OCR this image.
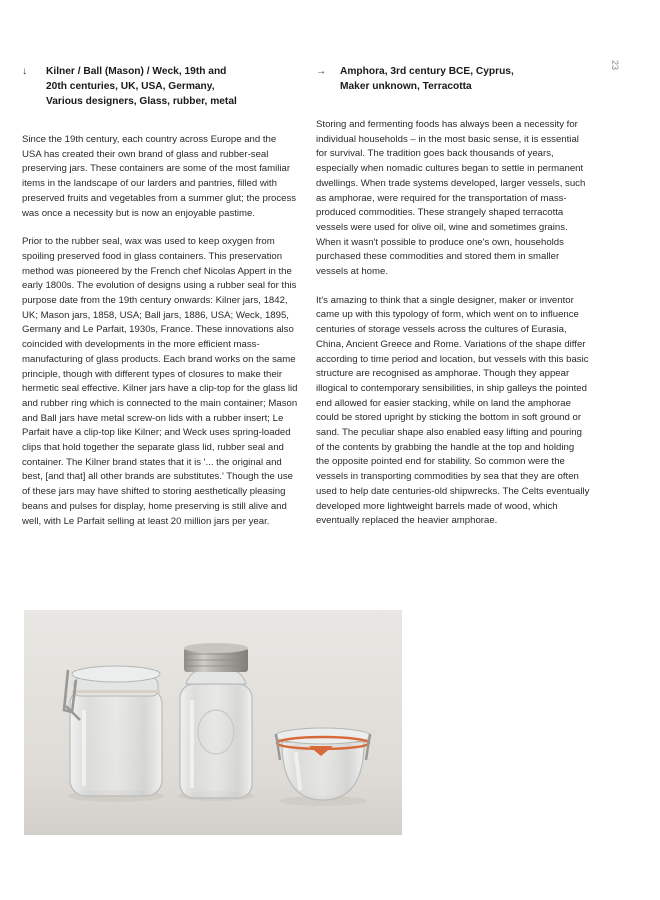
23
↓	Kilner / Ball (Mason) / Weck, 19th and
20th centuries, UK, USA, Germany,
Various designers, Glass, rubber, metal

Since the 19th century, each country across Europe and the USA has created their own brand of glass and rubber-seal preserving jars. These containers are some of the most familiar items in the landscape of our larders and pantries, filled with preserved fruits and vegetables from a summer glut; the process was once a necessity but is now an enjoyable pastime.

Prior to the rubber seal, wax was used to keep oxygen from spoiling preserved food in glass containers. This preservation method was pioneered by the French chef Nicolas Appert in the early 1800s. The evolution of designs using a rubber seal for this purpose date from the 19th century onwards: Kilner jars, 1842, UK; Mason jars, 1858, USA; Ball jars, 1886, USA; Weck, 1895, Germany and Le Parfait, 1930s, France. These innovations also coincided with developments in the more efficient mass-manufacturing of glass products. Each brand works on the same principle, though with different types of closures to make their hermetic seal effective. Kilner jars have a clip-top for the glass lid and rubber ring which is connected to the main container; Mason and Ball jars have metal screw-on lids with a rubber insert; Le Parfait have a clip-top like Kilner; and Weck uses spring-loaded clips that hold together the separate glass lid, rubber seal and container. The Kilner brand states that it is '... the original and best, [and that] all other brands are substitutes.' Though the use of these jars may have shifted to storing aesthetically pleasing beans and pulses for display, home preserving is still alive and well, with Le Parfait selling at least 20 million jars per year.

→	Amphora, 3rd century BCE, Cyprus,
Maker unknown, Terracotta

Storing and fermenting foods has always been a necessity for individual households – in the most basic sense, it is essential for survival. The tradition goes back thousands of years, especially when nomadic cultures began to settle in permanent dwellings. When trade systems developed, larger vessels, such as amphorae, were required for the transportation of mass-produced commodities. These strangely shaped terracotta vessels were used for olive oil, wine and sometimes grains. When it wasn't possible to produce one's own, households purchased these commodities and stored them in smaller vessels at home.

It's amazing to think that a single designer, maker or inventor came up with this typology of form, which went on to influence centuries of storage vessels across the cultures of Eurasia, China, Ancient Greece and Rome. Variations of the shape differ according to time period and location, but vessels with this basic structure are recognised as amphorae. Though they appear illogical to contemporary sensibilities, in ship galleys the pointed end allowed for easier stacking, while on land the amphorae could be stored upright by sticking the bottom in soft ground or sand. The peculiar shape also enabled easy lifting and pouring of the contents by grabbing the handle at the top and holding the opposite pointed end for stability. So common were the vessels in transporting commodities by sea that they are often used to help date centuries-old shipwrecks. The Celts eventually developed more lightweight barrels made of wood, which eventually replaced the heavier amphorae.
